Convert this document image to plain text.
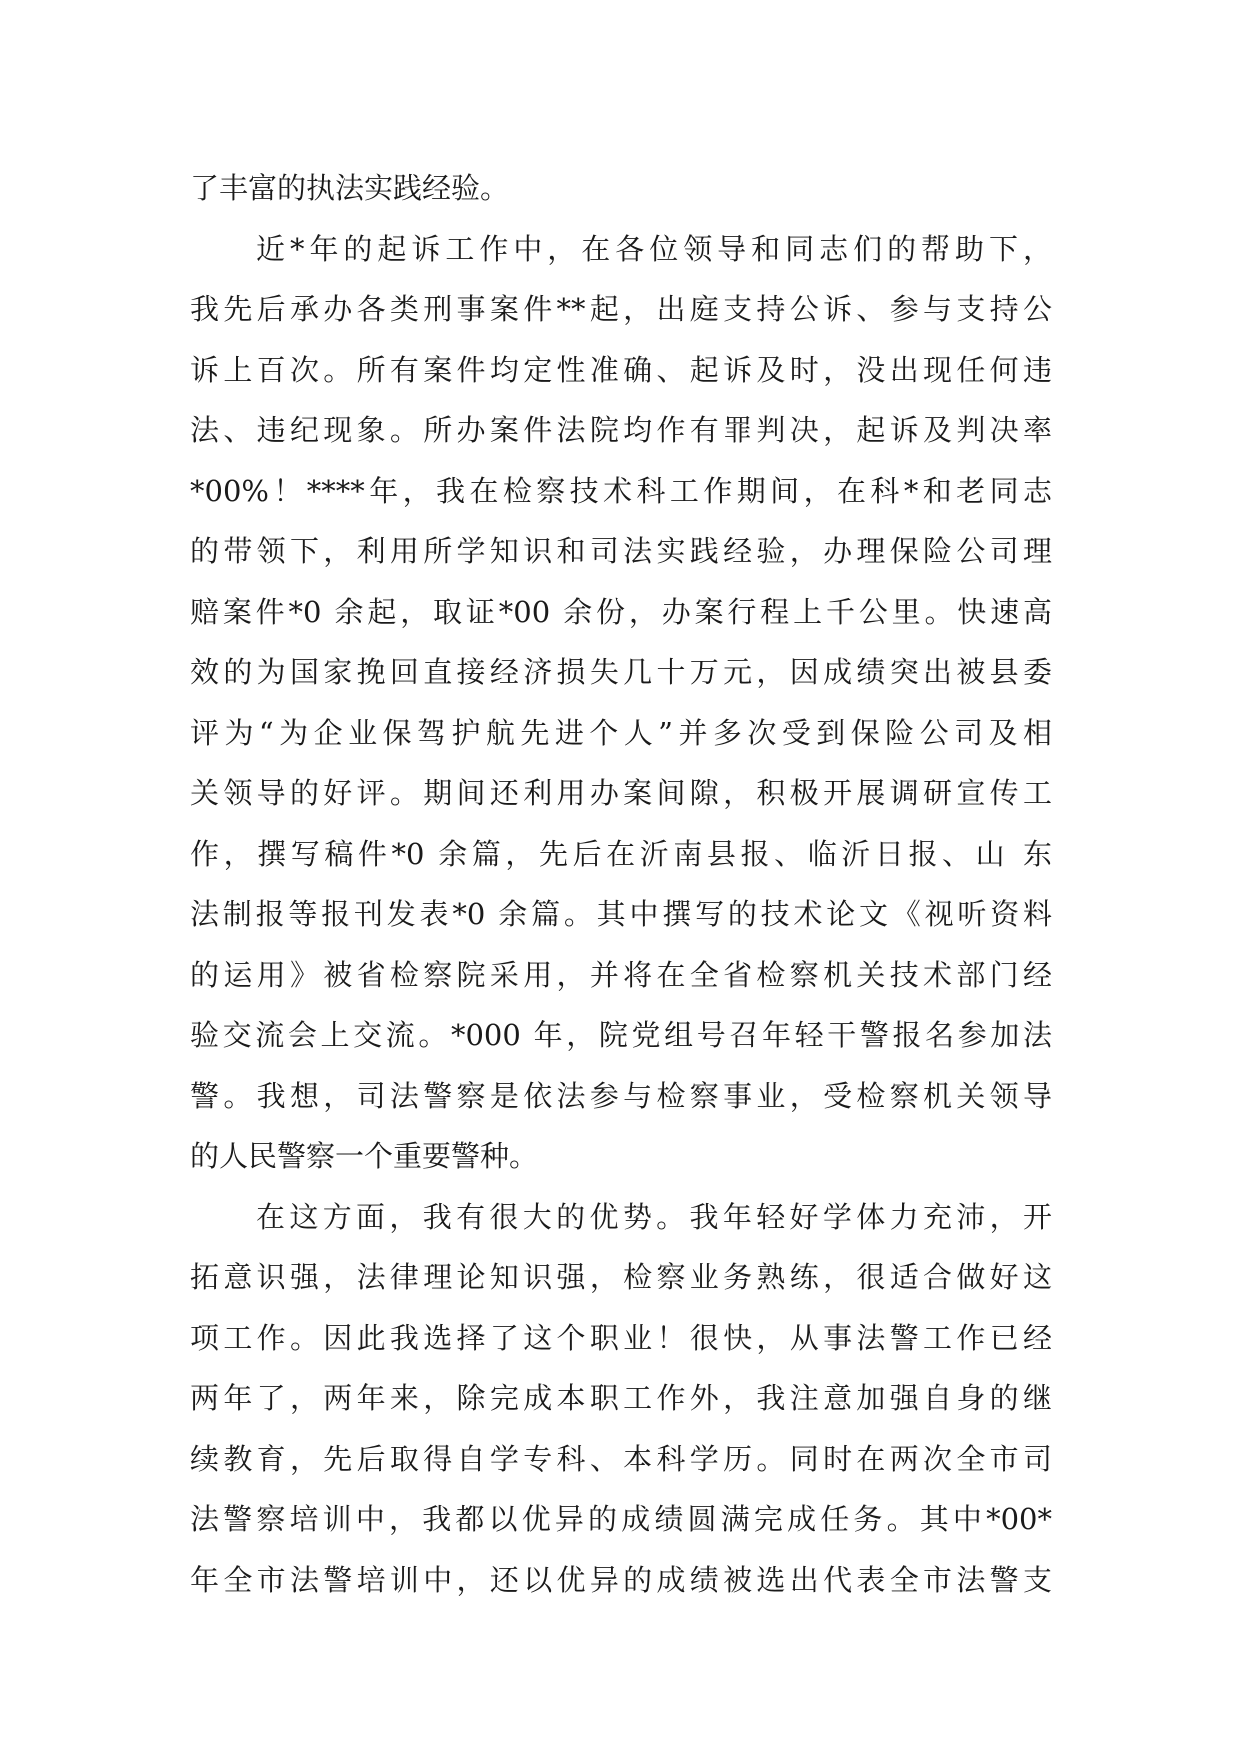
了丰富的执法实践经验。
近*年的起诉工作中，在各位领导和同志们的帮助下，
我先后承办各类刑事案件**起，出庭支持公诉、参与支持公
诉上百次。所有案件均定性准确、起诉及时，没出现任何违
法、违纪现象。所办案件法院均作有罪判决，起诉及判决率
*00%！****年，我在检察技术科工作期间，在科*和老同志
的带领下，利用所学知识和司法实践经验，办理保险公司理
赔案件*0 余起，取证*00 余份，办案行程上千公里。快速高
效的为国家挽回直接经济损失几十万元，因成绩突出被县委
评为“为企业保驾护航先进个人”并多次受到保险公司及相
关领导的好评。期间还利用办案间隙，积极开展调研宣传工
作，撰写稿件*0 余篇，先后在沂南县报、临沂日报、山 东
法制报等报刊发表*0 余篇。其中撰写的技术论文《视听资料
的运用》被省检察院采用，并将在全省检察机关技术部门经
验交流会上交流。*000 年，院党组号召年轻干警报名参加法
警。我想，司法警察是依法参与检察事业，受检察机关领导
的人民警察一个重要警种。
在这方面，我有很大的优势。我年轻好学体力充沛，开
拓意识强，法律理论知识强，检察业务熟练，很适合做好这
项工作。因此我选择了这个职业！很快，从事法警工作已经
两年了，两年来，除完成本职工作外，我注意加强自身的继
续教育，先后取得自学专科、本科学历。同时在两次全市司
法警察培训中，我都以优异的成绩圆满完成任务。其中*00*
年全市法警培训中，还以优异的成绩被选出代表全市法警支
